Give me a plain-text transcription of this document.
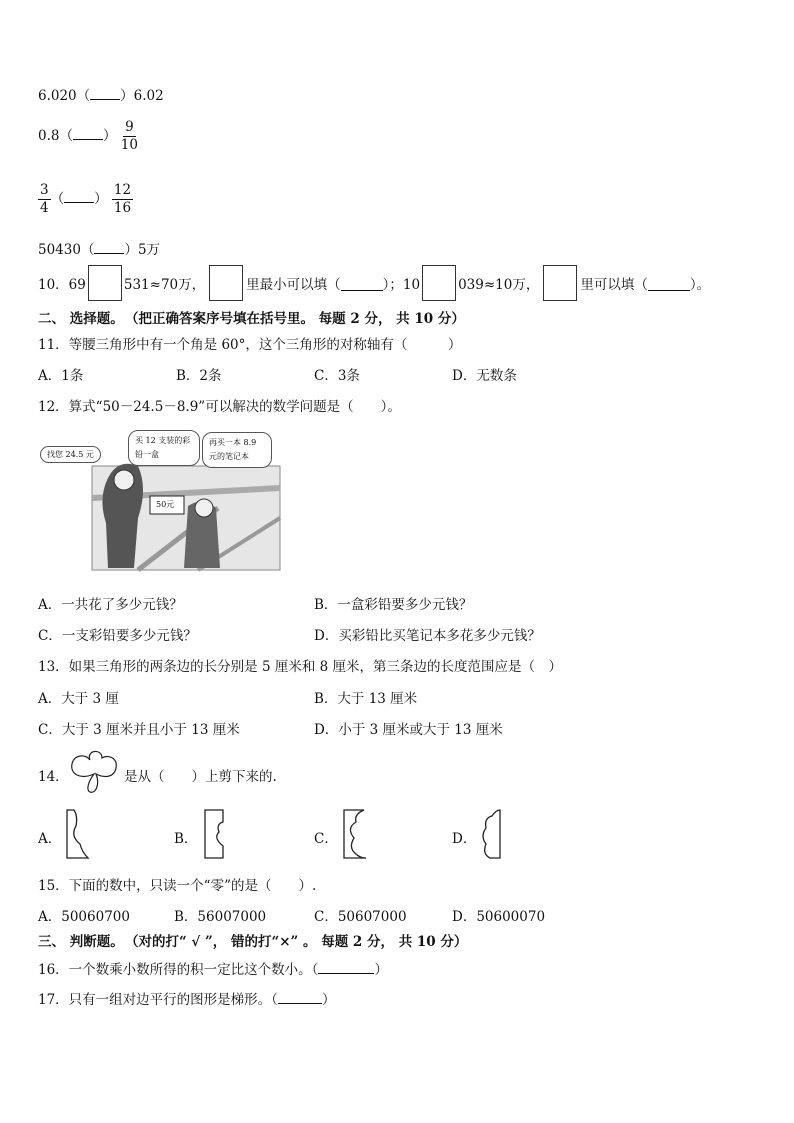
6.020（ ）6.02
0.8（ ） $\frac{9}{10}$
$\frac{3}{4}$ （ ） $\frac{12}{16}$
50430（ ）5万
10．69	531≈70万，	里最小可以填（	）；10	039≈10万，	里可以填（	）。
二、 选择题。 （把正确答案序号填在括号里。 每题 2 分， 共 10 分）
11．等腰三角形中有一个角是 60°，这个三角形的对称轴有（　　　）
A．1条	B．2条	C．3条	D．无数条
12．算式“50－24.5－8.9”可以解决的数学问题是（　　）。
50元
找您 24.5 元
买 12 支装的彩铅一盒
再买一本 8.9 元的笔记本
A．一共花了多少元钱？	B．一盒彩铅要多少元钱？
C．一支彩铅要多少元钱？	D．买彩铅比买笔记本多花多少元钱？
13．如果三角形的两条边的长分别是 5 厘米和 8 厘米，第三条边的长度范围应是（　）
A．大于 3 厘	B．大于 13 厘米
C．大于 3 厘米并且小于 13 厘米	D．小于 3 厘米或大于 13 厘米
14．	是从（　　）上剪下来的.
A．	B．	C．	D．
15．下面的数中，只读一个“零”的是（　　）.
A．50060700	B．56007000	C．50607000	D．50600070
三、 判断题。 （对的打“ √ ”， 错的打“×” 。 每题 2 分， 共 10 分）
16．一个数乘小数所得的积一定比这个数小。（	）
17．只有一组对边平行的图形是梯形。（	）
